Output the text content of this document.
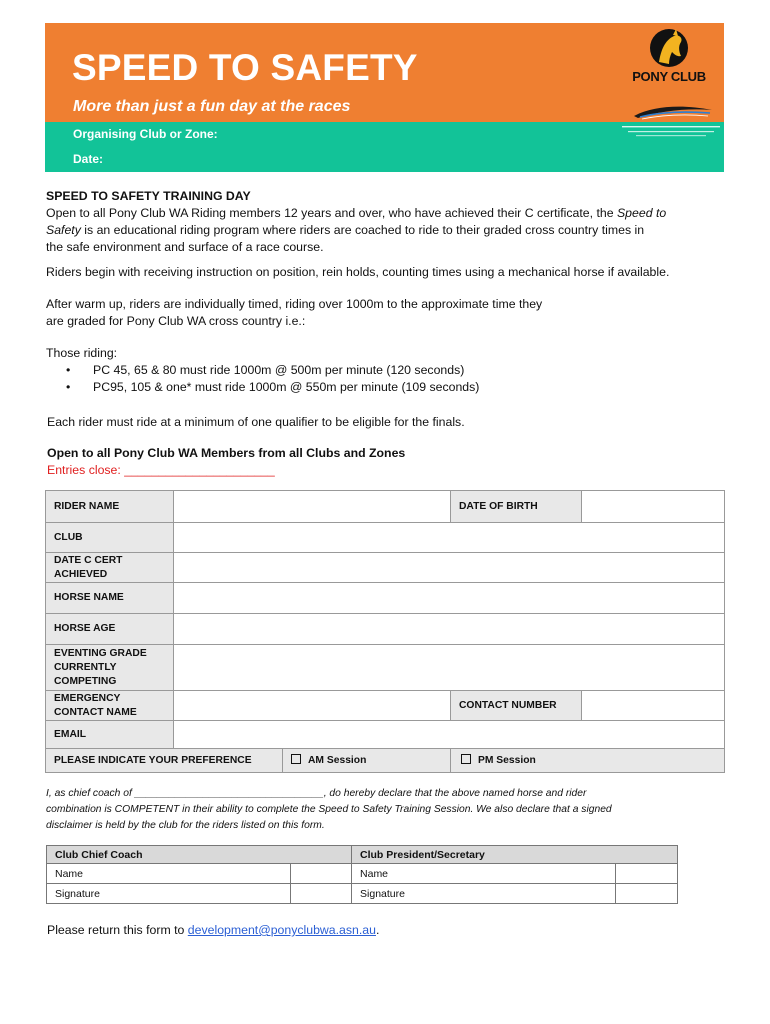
SPEED TO SAFETY
More than just a fun day at the races
Organising Club or Zone:
Date:
PONY CLUB
SPEED TO SAFETY TRAINING DAY
Open to all Pony Club WA Riding members 12 years and over, who have achieved their C certificate, the Speed to
Safety is an educational riding program where riders are coached to ride to their graded cross country times in
the safe environment and surface of a race course.
Riders begin with receiving instruction on position, rein holds, counting times using a mechanical horse if available.
After warm up, riders are individually timed, riding over 1000m to the approximate time they
are graded for Pony Club WA cross country i.e.:
Those riding:
• PC 45, 65 & 80 must ride 1000m @ 500m per minute (120 seconds)
• PC95, 105 & one* must ride 1000m @ 550m per minute (109 seconds)
Each rider must ride at a minimum of one qualifier to be eligible for the finals.
Open to all Pony Club WA Members from all Clubs and Zones
Entries close: ______________________
RIDER NAME			DATE OF BIRTH	
CLUB				
DATE C CERT
ACHIEVED				
HORSE NAME				
HORSE AGE				
EVENTING GRADE
CURRENTLY
COMPETING				
EMERGENCY
CONTACT NAME			CONTACT NUMBER	
EMAIL				
PLEASE INDICATE YOUR PREFERENCE		AM Session	PM Session	
I, as chief coach of _________________________________, do hereby declare that the above named horse and rider
combination is COMPETENT in their ability to complete the Speed to Safety Training Session. We also declare that a signed
disclaimer is held by the club for the riders listed on this form.
Club Chief Coach		Club President/Secretary	
Name		Name	
Signature		Signature	
Please return this form to development@ponyclubwa.asn.au.
